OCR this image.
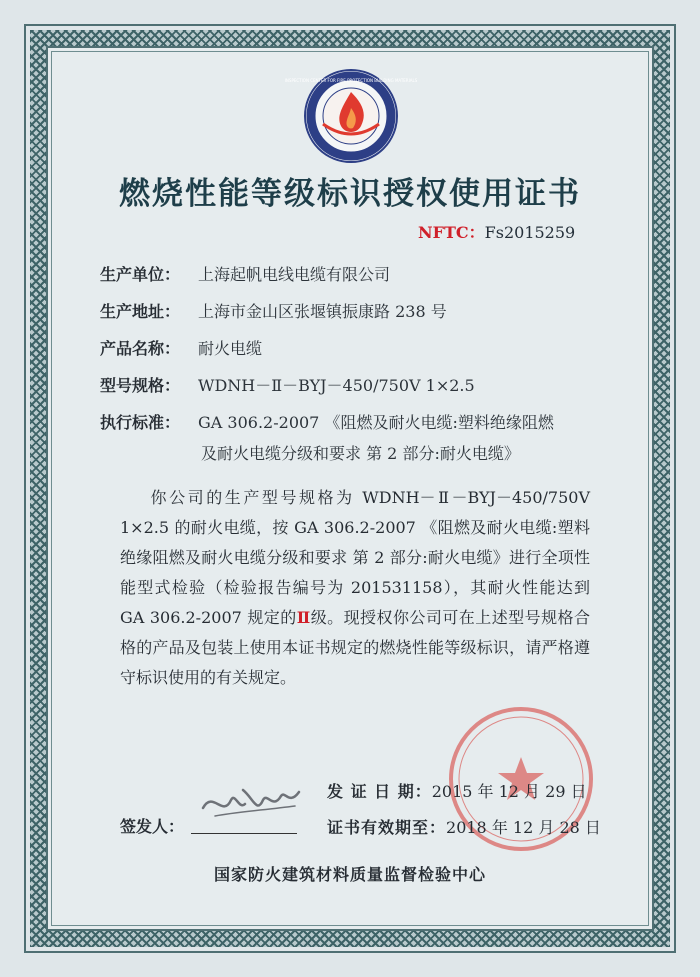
INSPECTION CENTER FOR FIRE PROTECTION BUILDING MATERIALS
燃烧性能等级标识授权使用证书
NFTC：Fs2015259
生产单位： 上海起帆电线电缆有限公司
生产地址： 上海市金山区张堰镇振康路 238 号
产品名称： 耐火电缆
型号规格： WDNH－Ⅱ－BYJ－450/750V 1×2.5
执行标准： GA 306.2-2007 《阻燃及耐火电缆:塑料绝缘阻燃
及耐火电缆分级和要求 第 2 部分:耐火电缆》
你公司的生产型号规格为 WDNH－Ⅱ－BYJ－450/750V 1×2.5 的耐火电缆，按 GA 306.2-2007 《阻燃及耐火电缆:塑料绝缘阻燃及耐火电缆分级和要求 第 2 部分:耐火电缆》进行全项性能型式检验（检验报告编号为 201531158），其耐火性能达到 GA 306.2-2007 规定的Ⅱ级。现授权你公司可在上述型号规格合格的产品及包装上使用本证书规定的燃烧性能等级标识，请严格遵守标识使用的有关规定。
发 证 日 期：2015 年 12 月 29 日
签发人：	证书有效期至：2018 年 12 月 28 日
国家防火建筑材料质量监督检验中心
